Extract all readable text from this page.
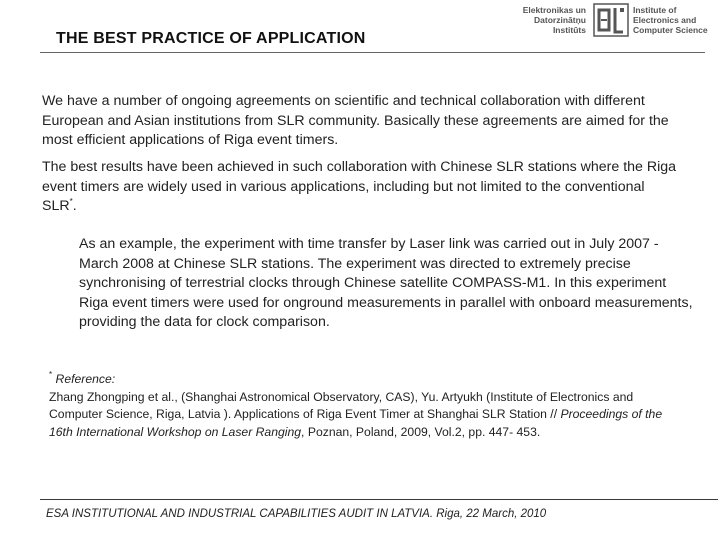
THE BEST PRACTICE OF APPLICATION
Elektronikas un
Datorzinātņu
Institūts
Institute of
Electronics and
Computer Science
We have a number of ongoing agreements on scientific and technical collaboration with different European and Asian institutions from SLR community. Basically these agreements are aimed for the most efficient applications of Riga event timers.
The best results have been achieved in such collaboration with Chinese SLR stations where the Riga event timers are widely used in various applications, including but not limited to the conventional SLR*.
As an example, the experiment with time transfer by Laser link was carried out in July 2007 - March 2008 at Chinese SLR stations. The experiment was directed to extremely precise synchronising of terrestrial clocks through Chinese satellite COMPASS-M1. In this experiment Riga event timers were used for onground measurements in parallel with onboard measurements, providing the data for clock comparison.
* Reference:
Zhang Zhongping et al., (Shanghai Astronomical Observatory, CAS), Yu. Artyukh (Institute of Electronics and Computer Science, Riga, Latvia ). Applications of Riga Event Timer at Shanghai SLR Station // Proceedings of the 16th International Workshop on Laser Ranging, Poznan, Poland, 2009, Vol.2, pp. 447- 453.
ESA INSTITUTIONAL AND INDUSTRIAL CAPABILITIES AUDIT IN LATVIA. Riga, 22 March, 2010
